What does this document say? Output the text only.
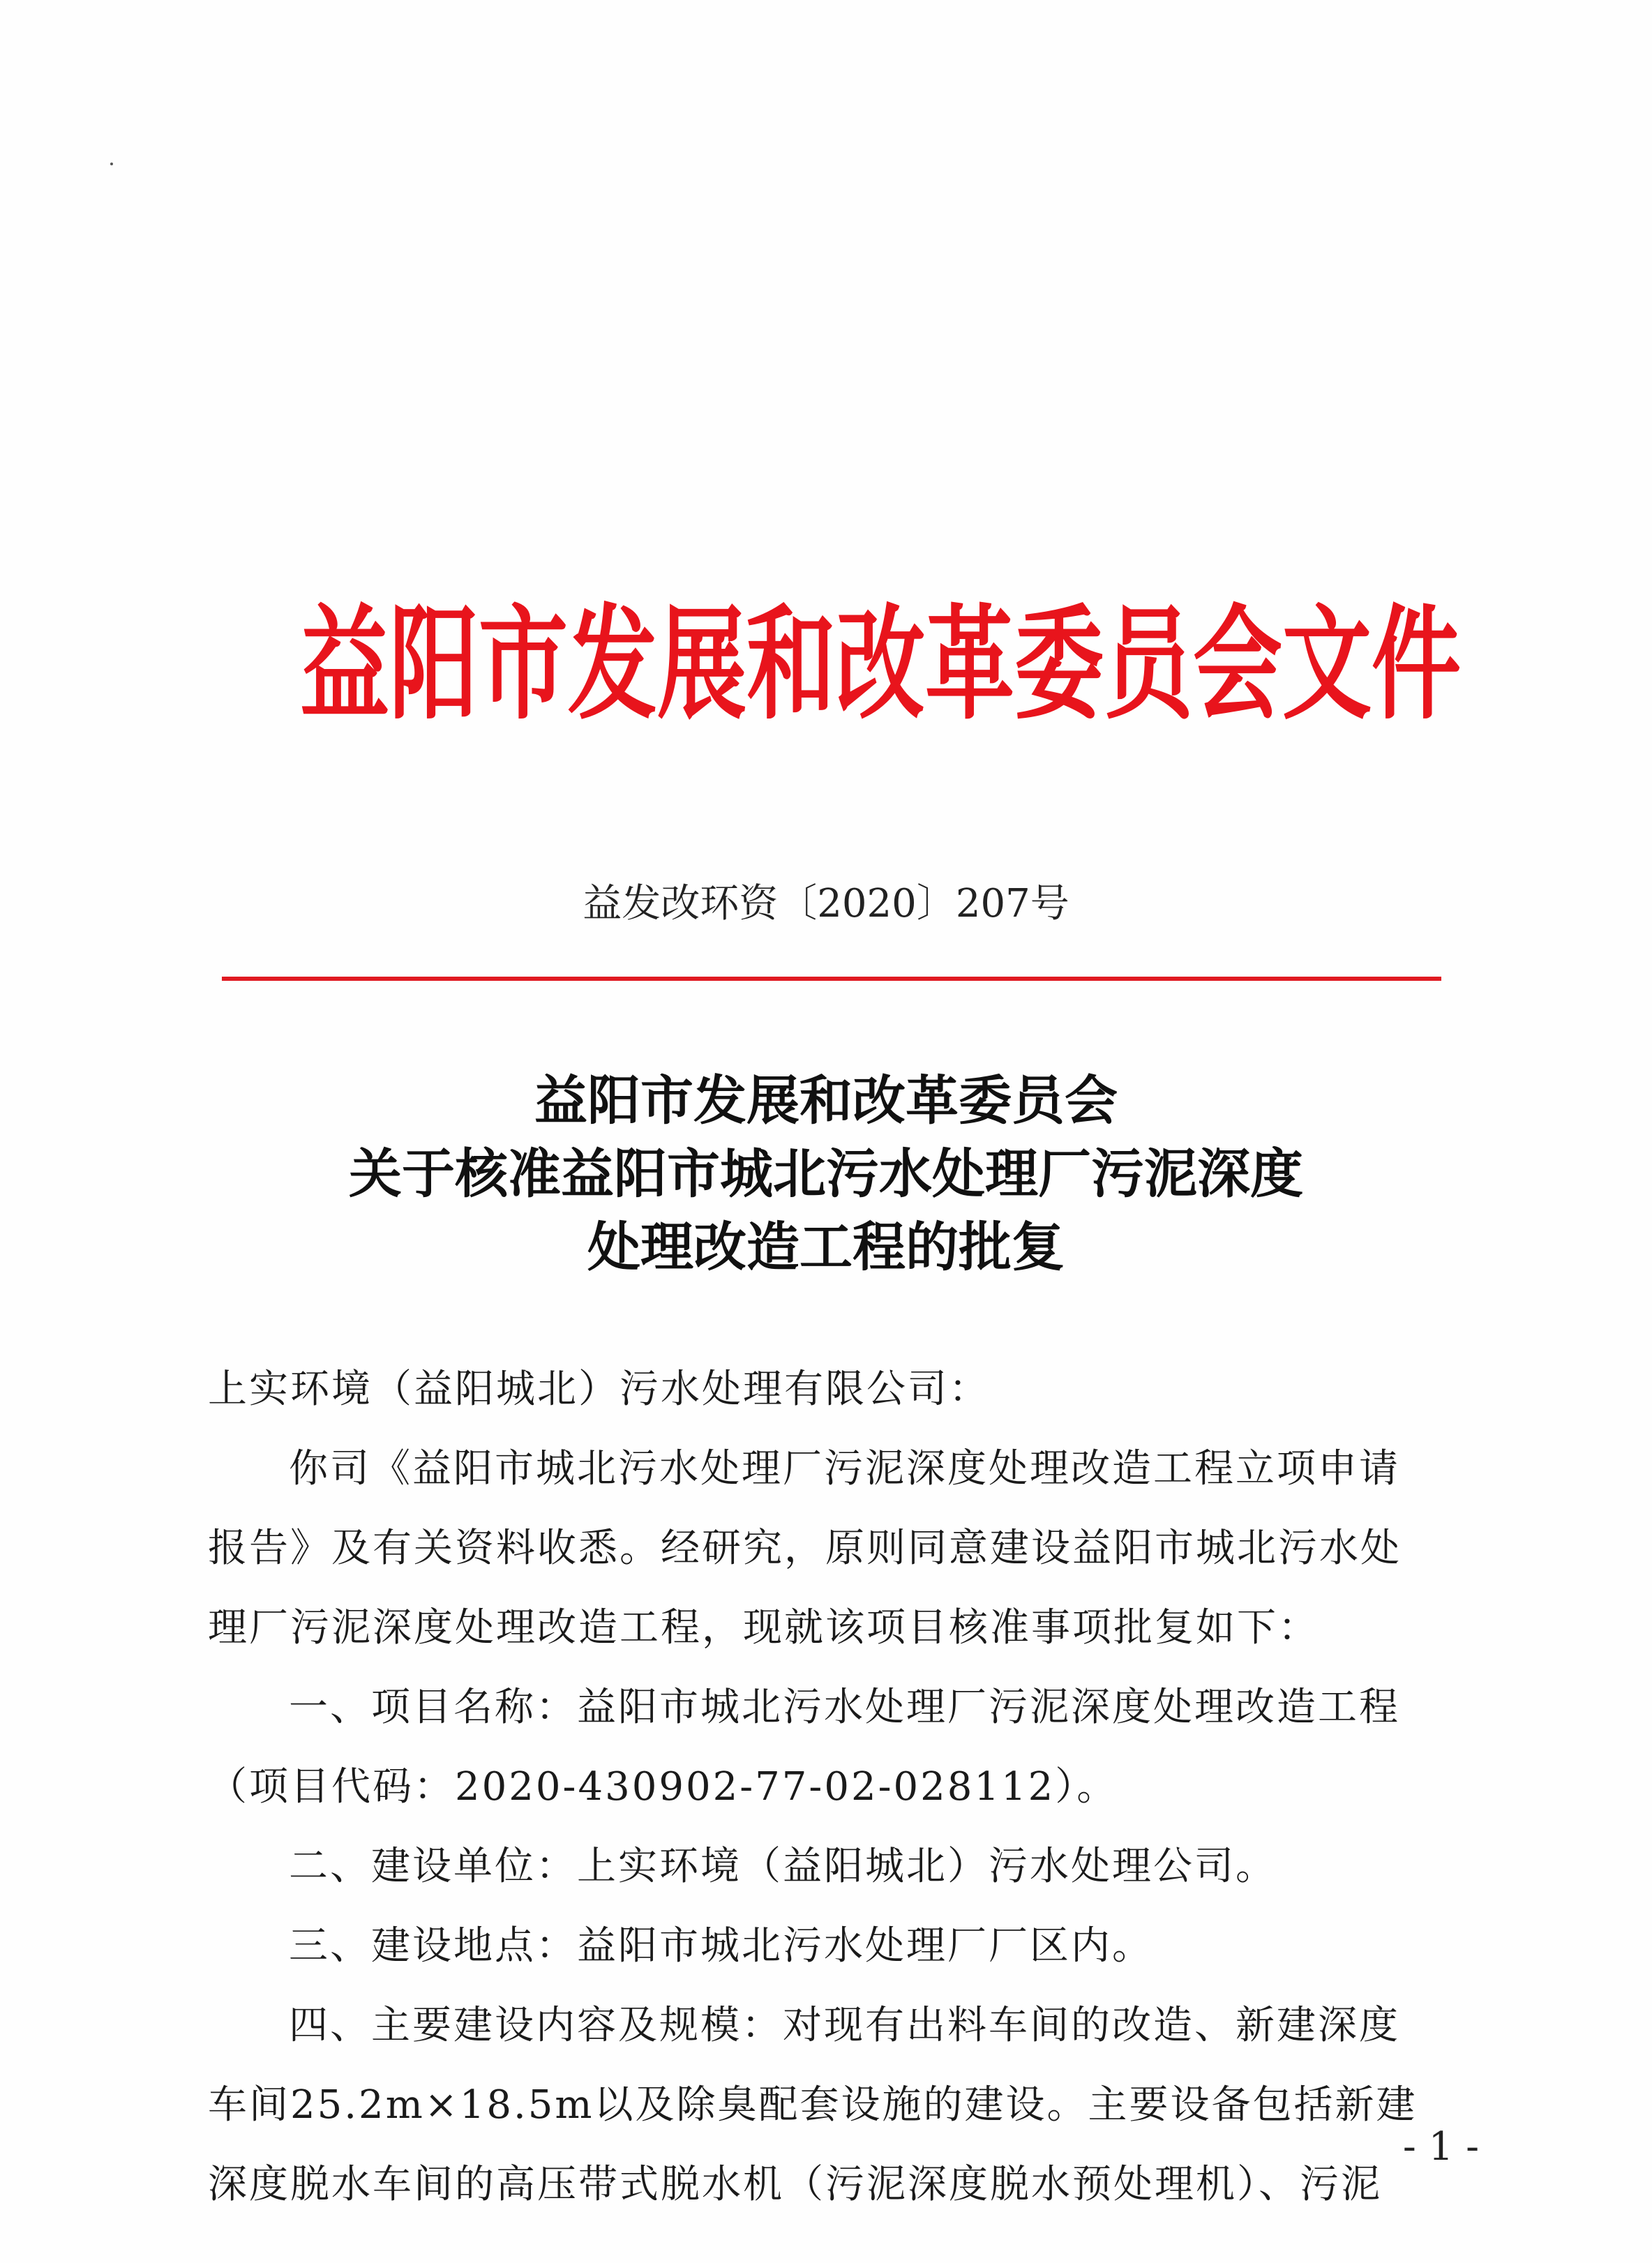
益阳市发展和改革委员会文件
益发改环资〔2020〕207号
益阳市发展和改革委员会
关于核准益阳市城北污水处理厂污泥深度
处理改造工程的批复
上实环境（益阳城北）污水处理有限公司：
你司《益阳市城北污水处理厂污泥深度处理改造工程立项申请
报告》及有关资料收悉。经研究，原则同意建设益阳市城北污水处
理厂污泥深度处理改造工程，现就该项目核准事项批复如下：
一、项目名称：益阳市城北污水处理厂污泥深度处理改造工程
（项目代码：2020-430902-77-02-028112）。
二、建设单位：上实环境（益阳城北）污水处理公司。
三、建设地点：益阳市城北污水处理厂厂区内。
四、主要建设内容及规模：对现有出料车间的改造、新建深度
车间25.2m×18.5m以及除臭配套设施的建设。主要设备包括新建
深度脱水车间的高压带式脱水机（污泥深度脱水预处理机）、污泥
- 1 -
